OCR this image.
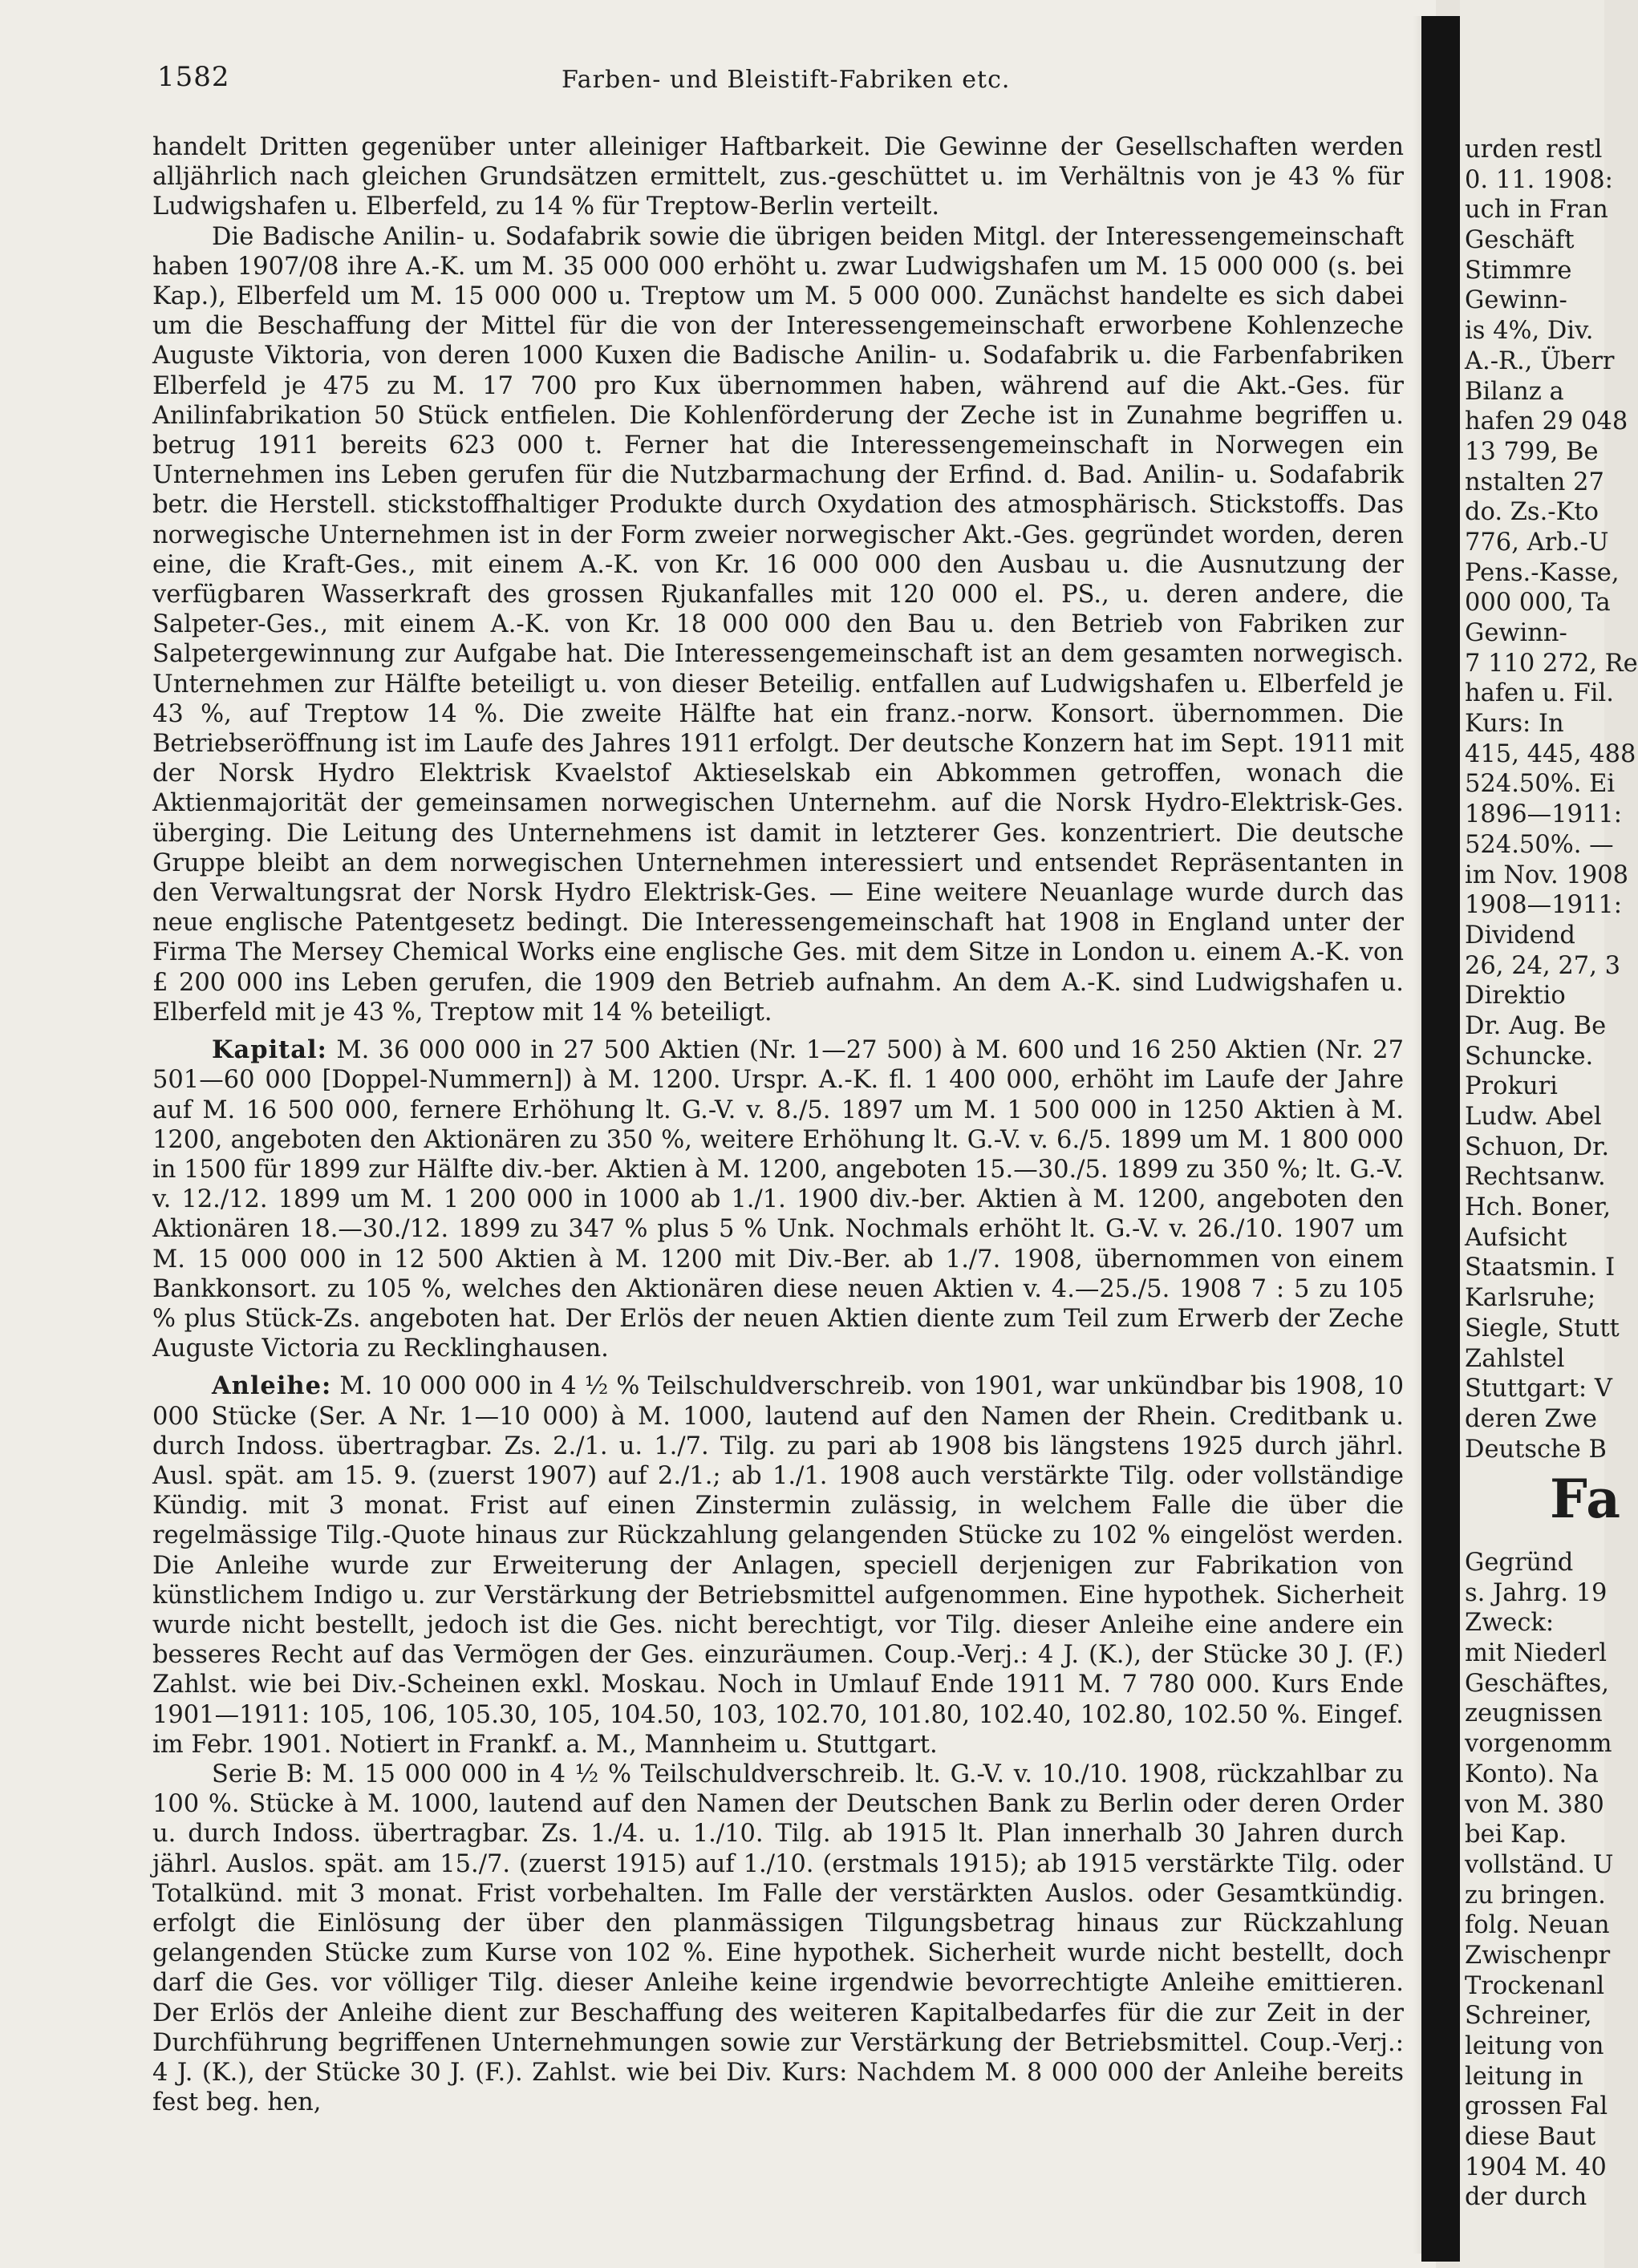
1582	Farben- und Bleistift-Fabriken etc.

handelt Dritten gegenüber unter alleiniger Haftbarkeit. Die Gewinne der Gesellschaften werden alljährlich nach gleichen Grundsätzen ermittelt, zus.-geschüttet u. im Verhältnis von je 43 % für Ludwigshafen u. Elberfeld, zu 14 % für Treptow-Berlin verteilt.

Die Badische Anilin- u. Sodafabrik sowie die übrigen beiden Mitgl. der Interessengemeinschaft haben 1907/08 ihre A.-K. um M. 35 000 000 erhöht u. zwar Ludwigshafen um M. 15 000 000 (s. bei Kap.), Elberfeld um M. 15 000 000 u. Treptow um M. 5 000 000. Zunächst handelte es sich dabei um die Beschaffung der Mittel für die von der Interessengemeinschaft erworbene Kohlenzeche Auguste Viktoria, von deren 1000 Kuxen die Badische Anilin- u. Sodafabrik u. die Farbenfabriken Elberfeld je 475 zu M. 17 700 pro Kux übernommen haben, während auf die Akt.-Ges. für Anilinfabrikation 50 Stück entfielen. Die Kohlenförderung der Zeche ist in Zunahme begriffen u. betrug 1911 bereits 623 000 t. Ferner hat die Interessengemeinschaft in Norwegen ein Unternehmen ins Leben gerufen für die Nutzbarmachung der Erfind. d. Bad. Anilin- u. Sodafabrik betr. die Herstell. stickstoffhaltiger Produkte durch Oxydation des atmosphärisch. Stickstoffs. Das norwegische Unternehmen ist in der Form zweier norwegischer Akt.-Ges. gegründet worden, deren eine, die Kraft-Ges., mit einem A.-K. von Kr. 16 000 000 den Ausbau u. die Ausnutzung der verfügbaren Wasserkraft des grossen Rjukanfalles mit 120 000 el. PS., u. deren andere, die Salpeter-Ges., mit einem A.-K. von Kr. 18 000 000 den Bau u. den Betrieb von Fabriken zur Salpetergewinnung zur Aufgabe hat. Die Interessengemeinschaft ist an dem gesamten norwegisch. Unternehmen zur Hälfte beteiligt u. von dieser Beteilig. entfallen auf Ludwigshafen u. Elberfeld je 43 %, auf Treptow 14 %. Die zweite Hälfte hat ein franz.-norw. Konsort. übernommen. Die Betriebseröffnung ist im Laufe des Jahres 1911 erfolgt. Der deutsche Konzern hat im Sept. 1911 mit der Norsk Hydro Elektrisk Kvaelstof Aktieselskab ein Abkommen getroffen, wonach die Aktienmajorität der gemeinsamen norwegischen Unternehm. auf die Norsk Hydro-Elektrisk-Ges. überging. Die Leitung des Unternehmens ist damit in letzterer Ges. konzentriert. Die deutsche Gruppe bleibt an dem norwegischen Unternehmen interessiert und entsendet Repräsentanten in den Verwaltungsrat der Norsk Hydro Elektrisk-Ges. — Eine weitere Neuanlage wurde durch das neue englische Patentgesetz bedingt. Die Interessengemeinschaft hat 1908 in England unter der Firma The Mersey Chemical Works eine englische Ges. mit dem Sitze in London u. einem A.-K. von £ 200 000 ins Leben gerufen, die 1909 den Betrieb aufnahm. An dem A.-K. sind Ludwigshafen u. Elberfeld mit je 43 %, Treptow mit 14 % beteiligt.

Kapital: M. 36 000 000 in 27 500 Aktien (Nr. 1—27 500) à M. 600 und 16 250 Aktien (Nr. 27 501—60 000 [Doppel-Nummern]) à M. 1200. Urspr. A.-K. fl. 1 400 000, erhöht im Laufe der Jahre auf M. 16 500 000, fernere Erhöhung lt. G.-V. v. 8./5. 1897 um M. 1 500 000 in 1250 Aktien à M. 1200, angeboten den Aktionären zu 350 %, weitere Erhöhung lt. G.-V. v. 6./5. 1899 um M. 1 800 000 in 1500 für 1899 zur Hälfte div.-ber. Aktien à M. 1200, angeboten 15.—30./5. 1899 zu 350 %; lt. G.-V. v. 12./12. 1899 um M. 1 200 000 in 1000 ab 1./1. 1900 div.-ber. Aktien à M. 1200, angeboten den Aktionären 18.—30./12. 1899 zu 347 % plus 5 % Unk. Nochmals erhöht lt. G.-V. v. 26./10. 1907 um M. 15 000 000 in 12 500 Aktien à M. 1200 mit Div.-Ber. ab 1./7. 1908, übernommen von einem Bankkonsort. zu 105 %, welches den Aktionären diese neuen Aktien v. 4.—25./5. 1908 7 : 5 zu 105 % plus Stück-Zs. angeboten hat. Der Erlös der neuen Aktien diente zum Teil zum Erwerb der Zeche Auguste Victoria zu Recklinghausen.

Anleihe: M. 10 000 000 in 4 ½ % Teilschuldverschreib. von 1901, war unkündbar bis 1908, 10 000 Stücke (Ser. A Nr. 1—10 000) à M. 1000, lautend auf den Namen der Rhein. Creditbank u. durch Indoss. übertragbar. Zs. 2./1. u. 1./7. Tilg. zu pari ab 1908 bis längstens 1925 durch jährl. Ausl. spät. am 15. 9. (zuerst 1907) auf 2./1.; ab 1./1. 1908 auch verstärkte Tilg. oder vollständige Kündig. mit 3 monat. Frist auf einen Zinstermin zulässig, in welchem Falle die über die regelmässige Tilg.-Quote hinaus zur Rückzahlung gelangenden Stücke zu 102 % eingelöst werden. Die Anleihe wurde zur Erweiterung der Anlagen, speciell derjenigen zur Fabrikation von künstlichem Indigo u. zur Verstärkung der Betriebsmittel aufgenommen. Eine hypothek. Sicherheit wurde nicht bestellt, jedoch ist die Ges. nicht berechtigt, vor Tilg. dieser Anleihe eine andere ein besseres Recht auf das Vermögen der Ges. einzuräumen. Coup.-Verj.: 4 J. (K.), der Stücke 30 J. (F.) Zahlst. wie bei Div.-Scheinen exkl. Moskau. Noch in Umlauf Ende 1911 M. 7 780 000. Kurs Ende 1901—1911: 105, 106, 105.30, 105, 104.50, 103, 102.70, 101.80, 102.40, 102.80, 102.50 %. Eingef. im Febr. 1901. Notiert in Frankf. a. M., Mannheim u. Stuttgart.

Serie B: M. 15 000 000 in 4 ½ % Teilschuldverschreib. lt. G.-V. v. 10./10. 1908, rückzahlbar zu 100 %. Stücke à M. 1000, lautend auf den Namen der Deutschen Bank zu Berlin oder deren Order u. durch Indoss. übertragbar. Zs. 1./4. u. 1./10. Tilg. ab 1915 lt. Plan innerhalb 30 Jahren durch jährl. Auslos. spät. am 15./7. (zuerst 1915) auf 1./10. (erstmals 1915); ab 1915 verstärkte Tilg. oder Totalkünd. mit 3 monat. Frist vorbehalten. Im Falle der verstärkten Auslos. oder Gesamtkündig. erfolgt die Einlösung der über den planmässigen Tilgungsbetrag hinaus zur Rückzahlung gelangenden Stücke zum Kurse von 102 %. Eine hypothek. Sicherheit wurde nicht bestellt, doch darf die Ges. vor völliger Tilg. dieser Anleihe keine irgendwie bevorrechtigte Anleihe emittieren. Der Erlös der Anleihe dient zur Beschaffung des weiteren Kapitalbedarfes für die zur Zeit in der Durchführung begriffenen Unternehmungen sowie zur Verstärkung der Betriebsmittel. Coup.-Verj.: 4 J. (K.), der Stücke 30 J. (F.). Zahlst. wie bei Div. Kurs: Nachdem M. 8 000 000 der Anleihe bereits fest beg. hen,

urden restl
0. 11. 1908:
uch in Fran
Geschäft
Stimmre
Gewinn-
is 4%, Div.
A.-R., Überr
Bilanz a
hafen 29 048
13 799, Be
nstalten 27
do. Zs.-Kto
776, Arb.-U
Pens.-Kasse,
000 000, Ta
Gewinn-
7 110 272, Re
hafen u. Fil.
Kurs: In
415, 445, 488
524.50%. Ei
1896—1911:
524.50%. —
im Nov. 1908
1908—1911:
Dividend
26, 24, 27, 3
Direktio
Dr. Aug. Be
Schuncke.
Prokuri
Ludw. Abel
Schuon, Dr.
Rechtsanw.
Hch. Boner,
Aufsicht
Staatsmin. I
Karlsruhe;
Siegle, Stutt
Zahlstel
Stuttgart: V
deren Zwe
Deutsche B
Fa
Gegründ
s. Jahrg. 19
Zweck:
mit Niederl
Geschäftes,
zeugnissen
vorgenomm
Konto). Na
von M. 380
bei Kap.
vollständ. U
zu bringen.
folg. Neuan
Zwischenpr
Trockenanl
Schreiner,
leitung von
leitung in
grossen Fal
diese Baut
1904 M. 40
der durch
